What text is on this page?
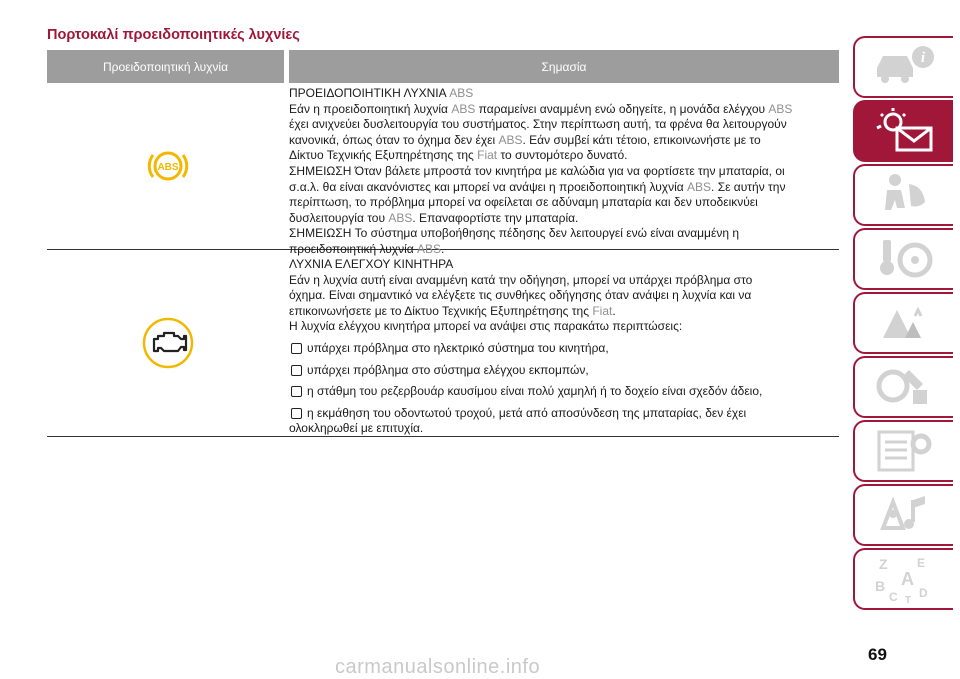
Πορτοκαλί προειδοποιητικές λυχνίες
Προειδοποιητική λυχνία	Σημασία
ABS

ΠΡΟΕΙΔΟΠΟΙΗΤΙΚΗ ΛΥΧΝΙΑ ABS

Εάν η προειδοποιητική λυχνία ABS παραμείνει αναμμένη ενώ οδηγείτε, η μονάδα ελέγχου ABS

έχει ανιχνεύει δυσλειτουργία του συστήματος. Στην περίπτωση αυτή, τα φρένα θα λειτουργούν

κανονικά, όπως όταν το όχημα δεν έχει ABS. Εάν συμβεί κάτι τέτοιο, επικοινωνήστε με το

Δίκτυο Τεχνικής Εξυπηρέτησης της Fiat το συντομότερο δυνατό.

ΣΗΜΕΙΩΣΗ Όταν βάλετε μπροστά τον κινητήρα με καλώδια για να φορτίσετε την μπαταρία, οι

σ.α.λ. θα είναι ακανόνιστες και μπορεί να ανάψει η προειδοποιητική λυχνία ABS. Σε αυτήν την

περίπτωση, το πρόβλημα μπορεί να οφείλεται σε αδύναμη μπαταρία και δεν υποδεικνύει

δυσλειτουργία του ABS. Επαναφορτίστε την μπαταρία.

ΣΗΜΕΙΩΣΗ Το σύστημα υποβοήθησης πέδησης δεν λειτουργεί ενώ είναι αναμμένη η

προειδοποιητική λυχνία ABS.

ΛΥΧΝΙΑ ΕΛΕΓΧΟΥ ΚΙΝΗΤΗΡΑ

Εάν η λυχνία αυτή είναι αναμμένη κατά την οδήγηση, μπορεί να υπάρχει πρόβλημα στο

όχημα. Είναι σημαντικό να ελέγξετε τις συνθήκες οδήγησης όταν ανάψει η λυχνία και να

επικοινωνήσετε με το Δίκτυο Τεχνικής Εξυπηρέτησης της Fiat.

Η λυχνία ελέγχου κινητήρα μπορεί να ανάψει στις παρακάτω περιπτώσεις:

υπάρχει πρόβλημα στο ηλεκτρικό σύστημα του κινητήρα,
υπάρχει πρόβλημα στο σύστημα ελέγχου εκπομπών,
η στάθμη του ρεζερβουάρ καυσίμου είναι πολύ χαμηλή ή το δοχείο είναι σχεδόν άδειο,
η εκμάθηση του οδοντωτού τροχού, μετά από αποσύνδεση της μπαταρίας, δεν έχει

ολοκληρωθεί με επιτυχία.

i
Z E
A
B
C D
T
69
carmanualsonline.info
